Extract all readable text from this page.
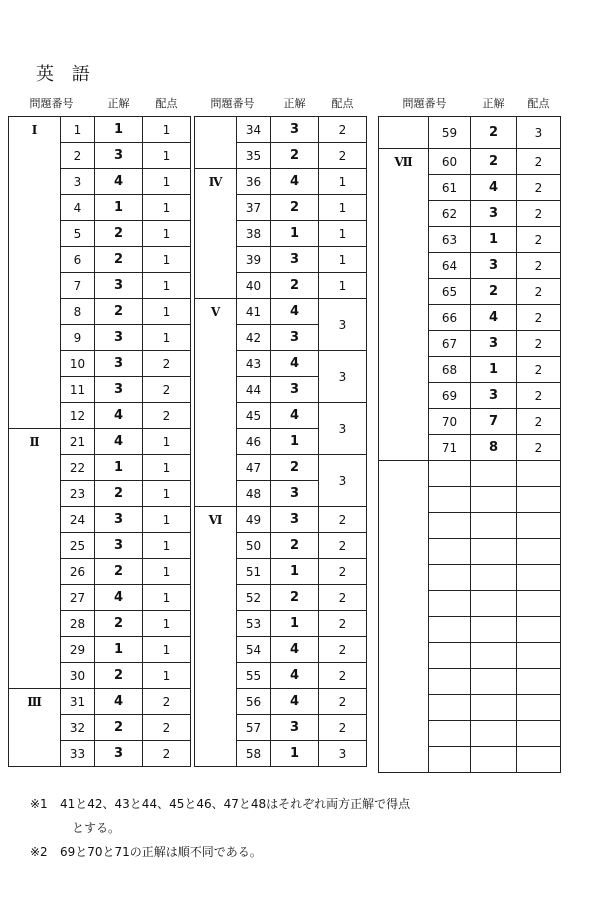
英 語
問題番号		正解	配点
Ⅰ	1	1	1
	2	3	1
	3	4	1
	4	1	1
	5	2	1
	6	2	1
	7	3	1
	8	2	1
	9	3	1
	10	3	2
	11	3	2
	12	4	2
Ⅱ	21	4	1
	22	1	1
	23	2	1
	24	3	1
	25	3	1
	26	2	1
	27	4	1
	28	2	1
	29	1	1
	30	2	1
Ⅲ	31	4	2
	32	2	2
	33	3	2
問題番号		正解	配点
	34	3	2
	35	2	2
Ⅳ	36	4	1
	37	2	1
	38	1	1
	39	3	1
	40	2	1
Ⅴ	41	4	3
	42	3	
	43	4	3
	44	3	
	45	4	3
	46	1	
	47	2	3
	48	3	
Ⅵ	49	3	2
	50	2	2
	51	1	2
	52	2	2
	53	1	2
	54	4	2
	55	4	2
	56	4	2
	57	3	2
	58	1	3
問題番号		正解	配点
	59	2	3
Ⅶ	60	2	2
	61	4	2
	62	3	2
	63	1	2
	64	3	2
	65	2	2
	66	4	2
	67	3	2
	68	1	2
	69	3	2
	70	7	2
	71	8	2

※1 41と42、43と44、45と46、47と48はそれぞれ両方正解で得点
とする。
※2 69と70と71の正解は順不同である。
